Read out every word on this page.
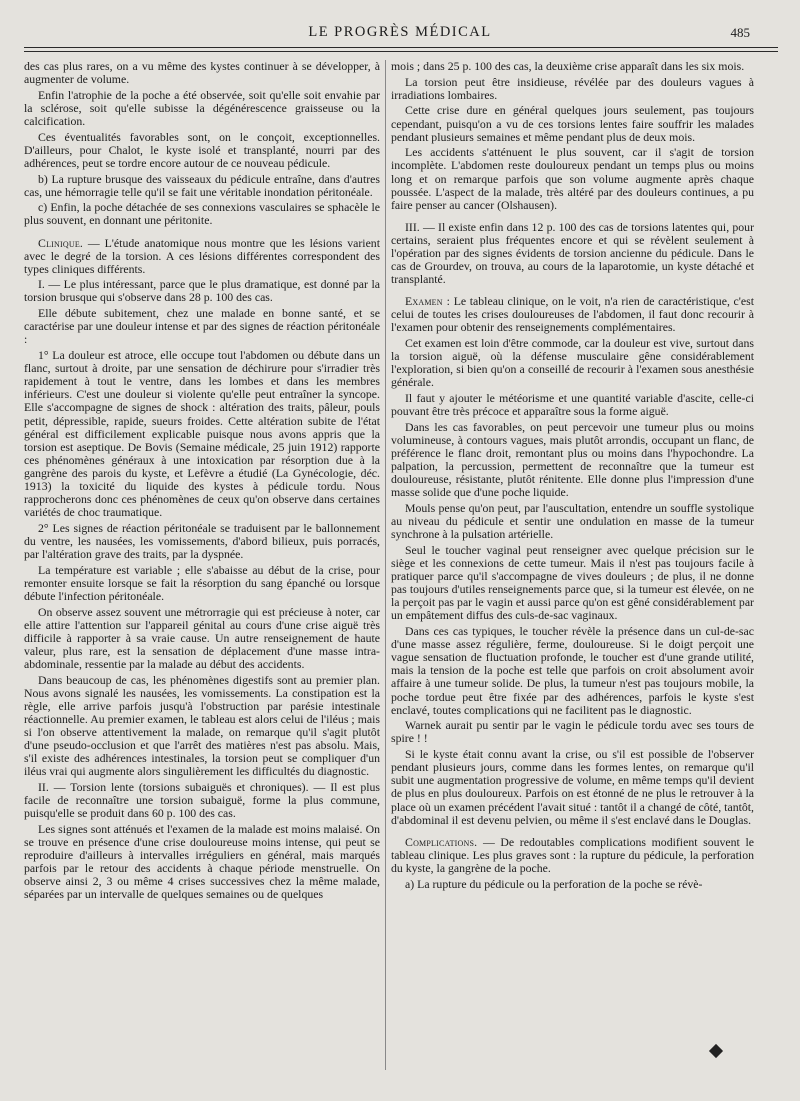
LE PROGRÈS MÉDICAL	485

des cas plus rares, on a vu même des kystes continuer à se développer, à augmenter de volume.

Enfin l'atrophie de la poche a été observée, soit qu'elle soit envahie par la sclérose, soit qu'elle subisse la dégénérescence graisseuse ou la calcification.

Ces éventualités favorables sont, on le conçoit, exceptionnelles. D'ailleurs, pour Chalot, le kyste isolé et transplanté, nourri par des adhérences, peut se tordre encore autour de ce nouveau pédicule.

b) La rupture brusque des vaisseaux du pédicule entraîne, dans d'autres cas, une hémorragie telle qu'il se fait une véritable inondation péritonéale.

c) Enfin, la poche détachée de ses connexions vasculaires se sphacèle le plus souvent, en donnant une péritonite.

Clinique. — L'étude anatomique nous montre que les lésions varient avec le degré de la torsion. A ces lésions différentes correspondent des types cliniques différents.

I. — Le plus intéressant, parce que le plus dramatique, est donné par la torsion brusque qui s'observe dans 28 p. 100 des cas.

Elle débute subitement, chez une malade en bonne santé, et se caractérise par une douleur intense et par des signes de réaction péritonéale :

1° La douleur est atroce, elle occupe tout l'abdomen ou débute dans un flanc, surtout à droite, par une sensation de déchirure pour s'irradier très rapidement à tout le ventre, dans les lombes et dans les membres inférieurs. C'est une douleur si violente qu'elle peut entraîner la syncope. Elle s'accompagne de signes de shock : altération des traits, pâleur, pouls petit, dépressible, rapide, sueurs froides. Cette altération subite de l'état général est difficilement explicable puisque nous avons appris que la torsion est aseptique. De Bovis (Semaine médicale, 25 juin 1912) rapporte ces phénomènes généraux à une intoxication par résorption due à la gangrène des parois du kyste, et Lefèvre a étudié (La Gynécologie, déc. 1913) la toxicité du liquide des kystes à pédicule tordu. Nous rapprocherons donc ces phénomènes de ceux qu'on observe dans certaines variétés de choc traumatique.

2° Les signes de réaction péritonéale se traduisent par le ballonnement du ventre, les nausées, les vomissements, d'abord bilieux, puis porracés, par l'altération grave des traits, par la dyspnée.

La température est variable ; elle s'abaisse au début de la crise, pour remonter ensuite lorsque se fait la résorption du sang épanché ou lorsque débute l'infection péritonéale.

On observe assez souvent une métrorragie qui est précieuse à noter, car elle attire l'attention sur l'appareil génital au cours d'une crise aiguë très difficile à rapporter à sa vraie cause. Un autre renseignement de haute valeur, plus rare, est la sensation de déplacement d'une masse intra-abdominale, ressentie par la malade au début des accidents.

Dans beaucoup de cas, les phénomènes digestifs sont au premier plan. Nous avons signalé les nausées, les vomissements. La constipation est la règle, elle arrive parfois jusqu'à l'obstruction par parésie intestinale réactionnelle. Au premier examen, le tableau est alors celui de l'iléus ; mais si l'on observe attentivement la malade, on remarque qu'il s'agit plutôt d'une pseudo-occlusion et que l'arrêt des matières n'est pas absolu. Mais, s'il existe des adhérences intestinales, la torsion peut se compliquer d'un iléus vrai qui augmente alors singulièrement les difficultés du diagnostic.

II. — Torsion lente (torsions subaiguës et chroniques). — Il est plus facile de reconnaître une torsion subaiguë, forme la plus commune, puisqu'elle se produit dans 60 p. 100 des cas.

Les signes sont atténués et l'examen de la malade est moins malaisé. On se trouve en présence d'une crise douloureuse moins intense, qui peut se reproduire d'ailleurs à intervalles irréguliers en général, mais marqués parfois par le retour des accidents à chaque période menstruelle. On observe ainsi 2, 3 ou même 4 crises successives chez la même malade, séparées par un intervalle de quelques semaines ou de quelques

mois ; dans 25 p. 100 des cas, la deuxième crise apparaît dans les six mois.

La torsion peut être insidieuse, révélée par des douleurs vagues à irradiations lombaires.

Cette crise dure en général quelques jours seulement, pas toujours cependant, puisqu'on a vu de ces torsions lentes faire souffrir les malades pendant plusieurs semaines et même pendant plus de deux mois.

Les accidents s'atténuent le plus souvent, car il s'agit de torsion incomplète. L'abdomen reste douloureux pendant un temps plus ou moins long et on remarque parfois que son volume augmente après chaque poussée. L'aspect de la malade, très altéré par des douleurs continues, a pu faire penser au cancer (Olshausen).

III. — Il existe enfin dans 12 p. 100 des cas de torsions latentes qui, pour certains, seraient plus fréquentes encore et qui se révèlent seulement à l'opération par des signes évidents de torsion ancienne du pédicule. Dans le cas de Grourdev, on trouva, au cours de la laparotomie, un kyste détaché et transplanté.

Examen : Le tableau clinique, on le voit, n'a rien de caractéristique, c'est celui de toutes les crises douloureuses de l'abdomen, il faut donc recourir à l'examen pour obtenir des renseignements complémentaires.

Cet examen est loin d'être commode, car la douleur est vive, surtout dans la torsion aiguë, où la défense musculaire gêne considérablement l'exploration, si bien qu'on a conseillé de recourir à l'examen sous anesthésie générale.

Il faut y ajouter le météorisme et une quantité variable d'ascite, celle-ci pouvant être très précoce et apparaître sous la forme aiguë.

Dans les cas favorables, on peut percevoir une tumeur plus ou moins volumineuse, à contours vagues, mais plutôt arrondis, occupant un flanc, de préférence le flanc droit, remontant plus ou moins dans l'hypochondre. La palpation, la percussion, permettent de reconnaître que la tumeur est douloureuse, résistante, plutôt rénitente. Elle donne plus l'impression d'une masse solide que d'une poche liquide.

Mouls pense qu'on peut, par l'auscultation, entendre un souffle systolique au niveau du pédicule et sentir une ondulation en masse de la tumeur synchrone à la pulsation artérielle.

Seul le toucher vaginal peut renseigner avec quelque précision sur le siège et les connexions de cette tumeur. Mais il n'est pas toujours facile à pratiquer parce qu'il s'accompagne de vives douleurs ; de plus, il ne donne pas toujours d'utiles renseignements parce que, si la tumeur est élevée, on ne la perçoit pas par le vagin et aussi parce qu'on est gêné considérablement par un empâtement diffus des culs-de-sac vaginaux.

Dans ces cas typiques, le toucher révèle la présence dans un cul-de-sac d'une masse assez régulière, ferme, douloureuse. Si le doigt perçoit une vague sensation de fluctuation profonde, le toucher est d'une grande utilité, mais la tension de la poche est telle que parfois on croit absolument avoir affaire à une tumeur solide. De plus, la tumeur n'est pas toujours mobile, la poche tordue peut être fixée par des adhérences, parfois le kyste s'est enclavé, toutes complications qui ne facilitent pas le diagnostic.

Warnek aurait pu sentir par le vagin le pédicule tordu avec ses tours de spire ! !

Si le kyste était connu avant la crise, ou s'il est possible de l'observer pendant plusieurs jours, comme dans les formes lentes, on remarque qu'il subit une augmentation progressive de volume, en même temps qu'il devient de plus en plus douloureux. Parfois on est étonné de ne plus le retrouver à la place où un examen précédent l'avait situé : tantôt il a changé de côté, tantôt, d'abdominal il est devenu pelvien, ou même il s'est enclavé dans le Douglas.

Complications. — De redoutables complications modifient souvent le tableau clinique. Les plus graves sont : la rupture du pédicule, la perforation du kyste, la gangrène de la poche.

a) La rupture du pédicule ou la perforation de la poche se révè-
